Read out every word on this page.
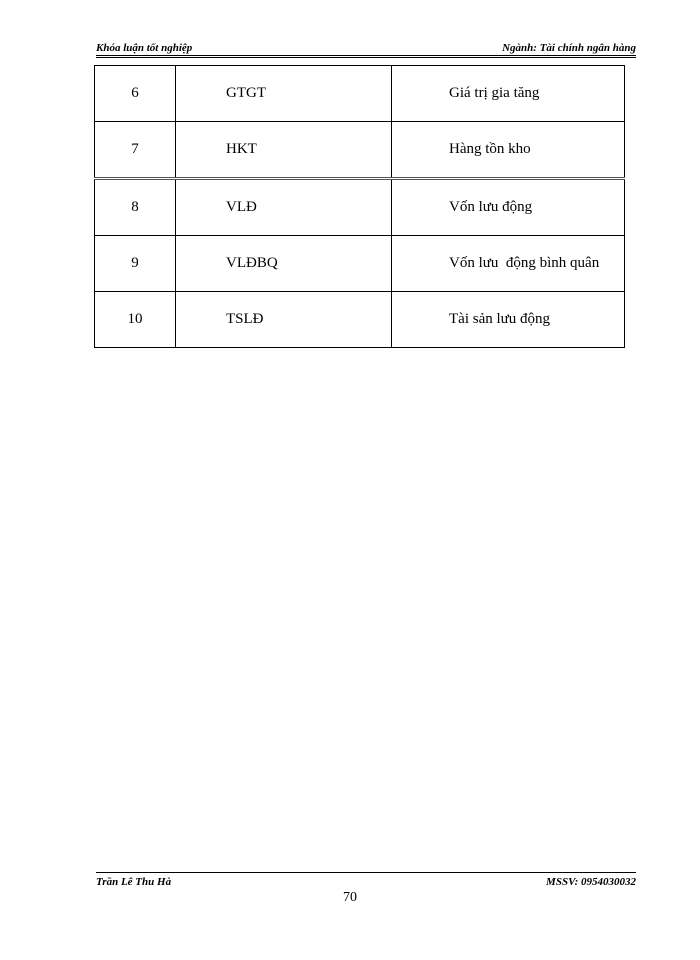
Khóa luận tốt nghiệp	Ngành: Tài chính ngân hàng
6	GTGT	Giá trị gia tăng
7	HKT	Hàng tồn kho
8	VLĐ	Vốn lưu động
9	VLĐBQ	Vốn lưu  động bình quân
10	TSLĐ	Tài sản lưu động
Trần Lê Thu Hà	MSSV: 0954030032
70
